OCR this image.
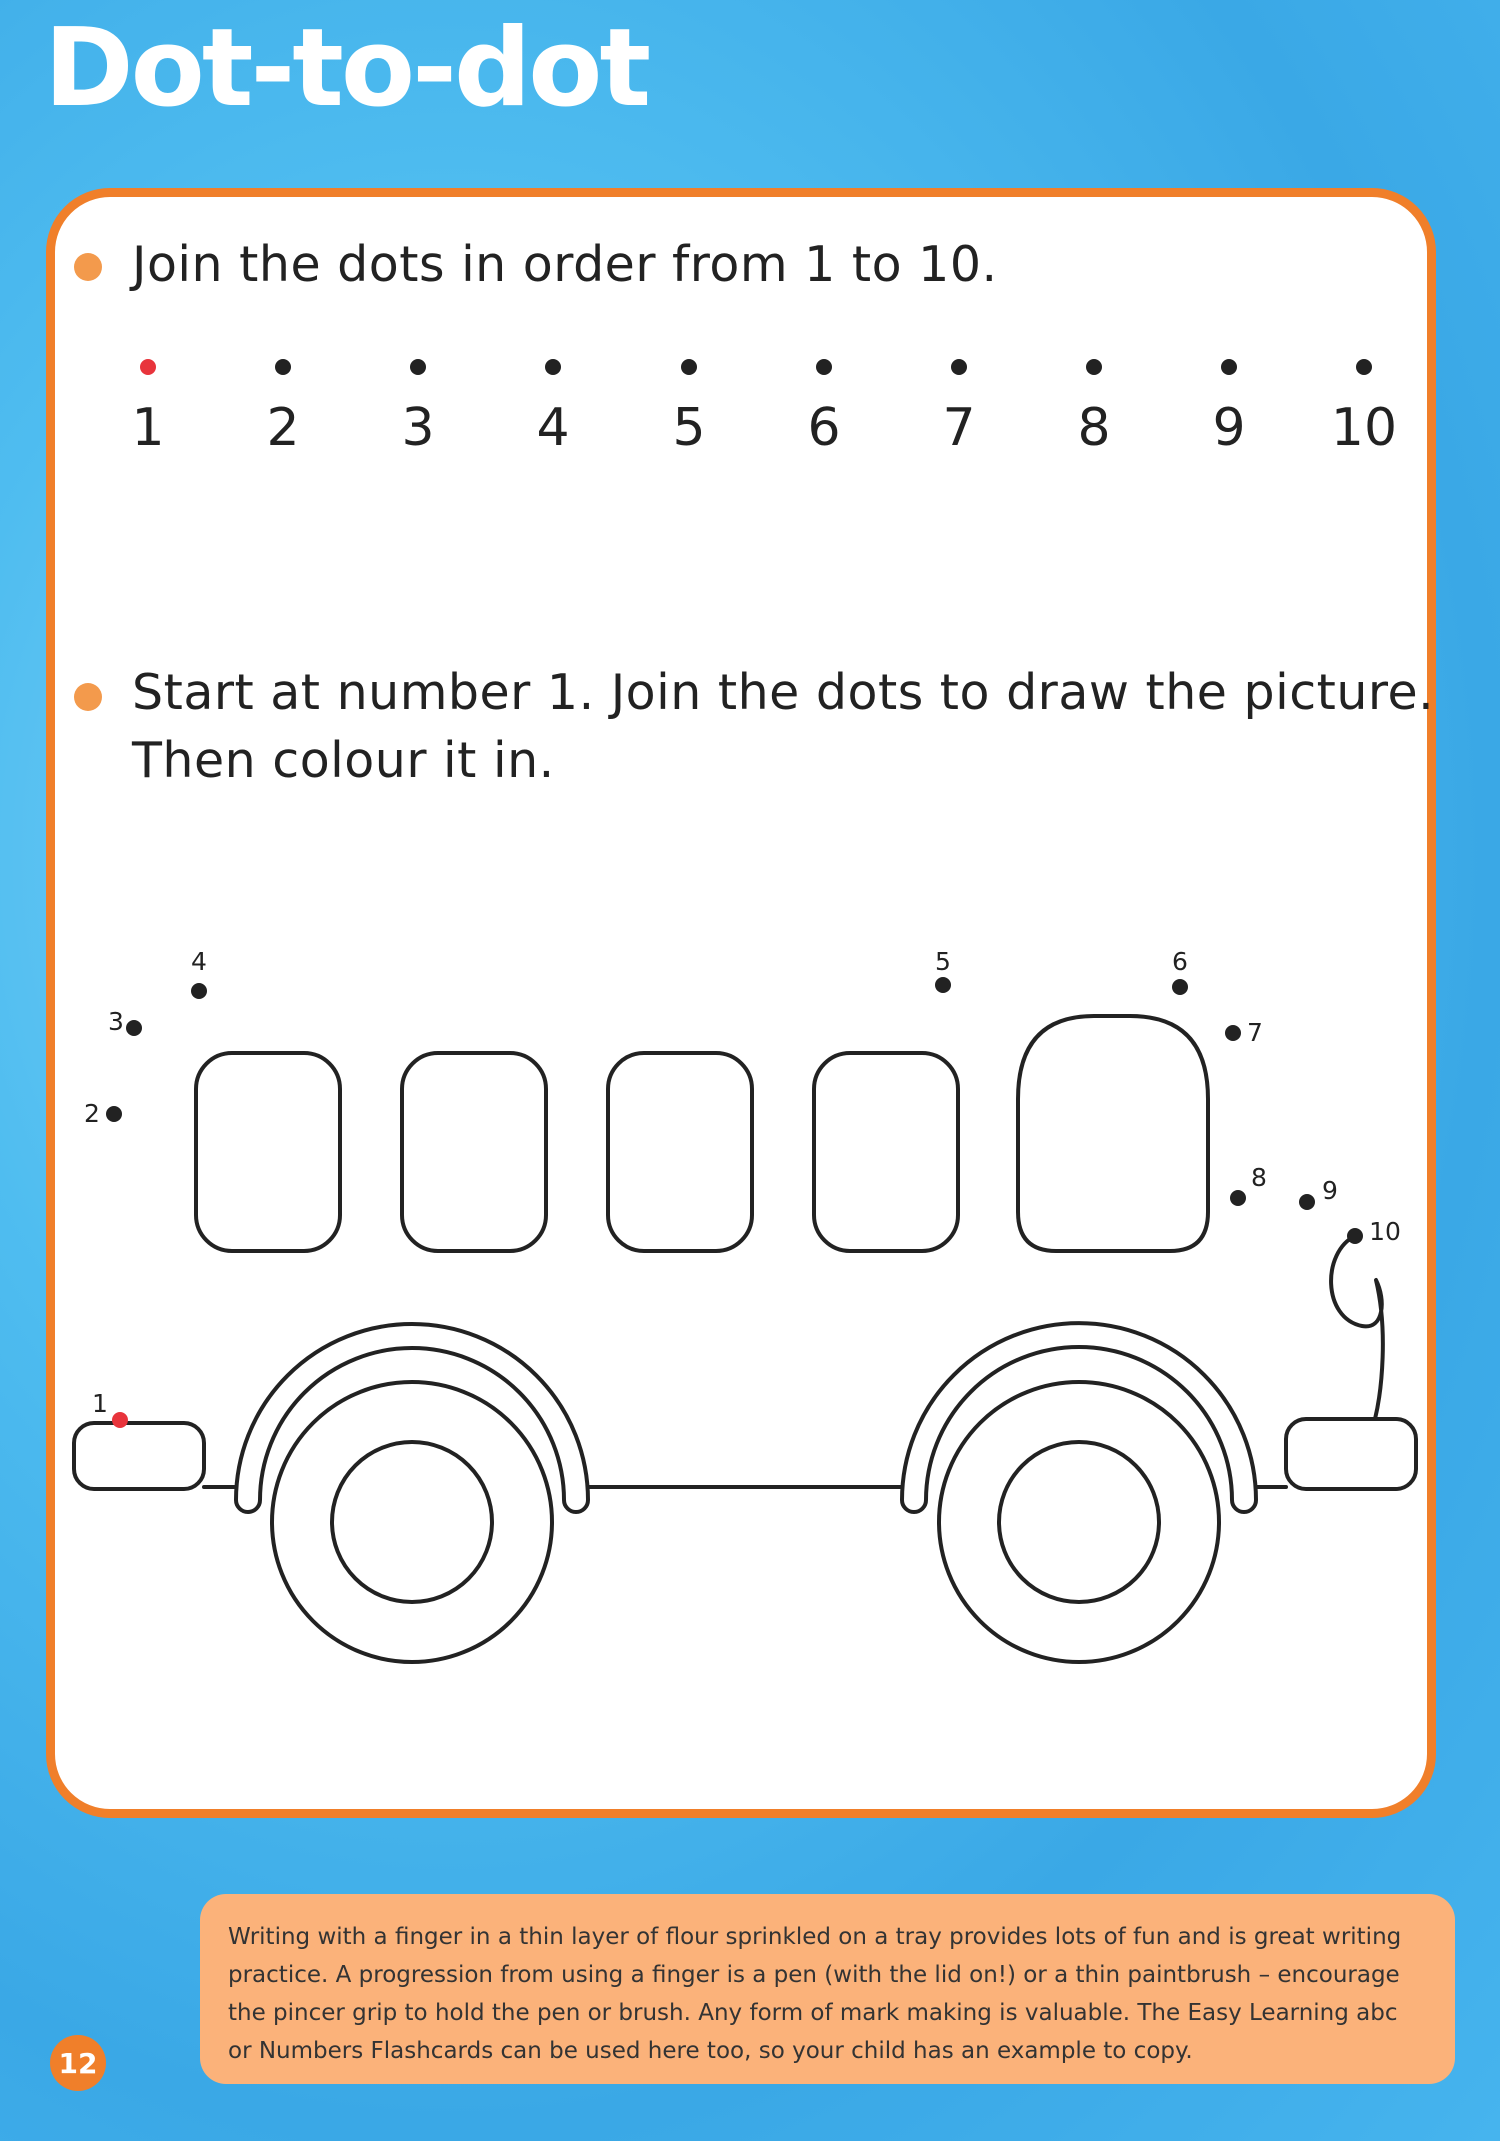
Dot-to-dot
Join the dots in order from 1 to 10.
1 2 3 4 5 6 7 8 9 10
Start at number 1. Join the dots to draw the picture.
Then colour it in.
1
2
3
4	5	6
7
8 9
10
Writing with a finger in a thin layer of flour sprinkled on a tray provides lots of fun and is great writing practice. A progression from using a finger is a pen (with the lid on!) or a thin paintbrush – encourage the pincer grip to hold the pen or brush. Any form of mark making is valuable. The Easy Learning abc or Numbers Flashcards can be used here too, so your child has an example to copy.
12
